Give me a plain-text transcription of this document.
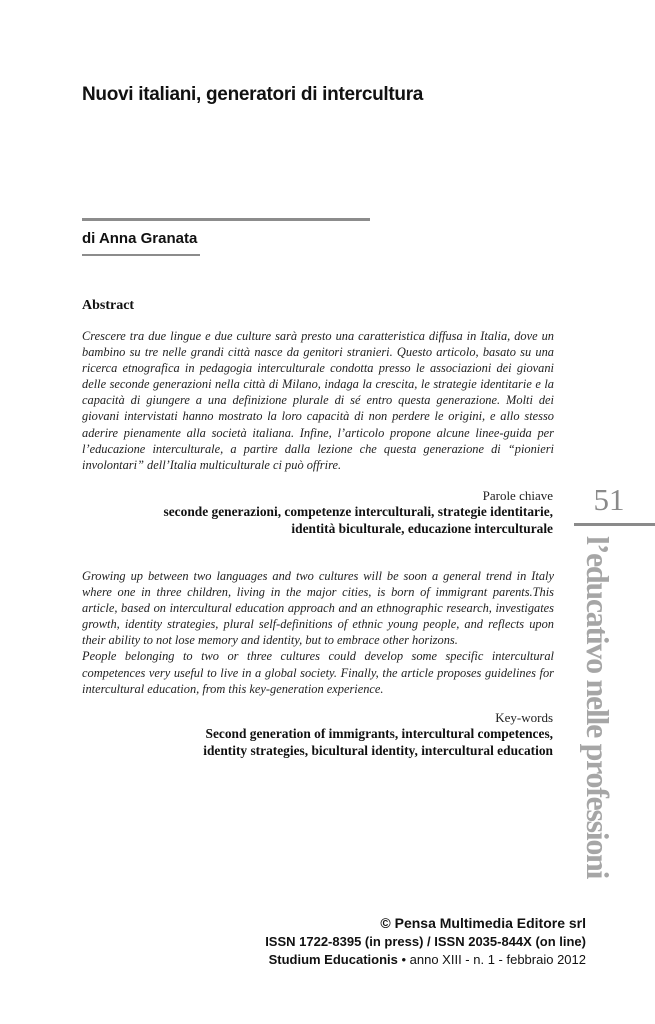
Nuovi italiani, generatori di intercultura
di Anna Granata
Abstract

Crescere tra due lingue e due culture sarà presto una caratteristica diffusa in Italia, dove un bambino su tre nelle grandi città nasce da genitori stranieri. Questo articolo, basato su una ricerca etnografica in pedagogia interculturale condotta presso le associazioni dei giovani delle seconde generazioni nella città di Milano, indaga la crescita, le strategie identitarie e la capacità di giungere a una definizione plurale di sé entro questa generazione. Molti dei giovani intervistati hanno mostrato la loro capacità di non perdere le origini, e allo stesso aderire pienamente alla società italiana. Infine, l’articolo propone alcune linee-guida per l’educazione interculturale, a partire dalla lezione che questa generazione di “pionieri involontari” dell’Italia multiculturale ci può offrire.

Parole chiave
seconde generazioni, competenze interculturali, strategie identitarie,
identità biculturale, educazione interculturale

Growing up between two languages and two cultures will be soon a general trend in Italy where one in three children, living in the major cities, is born of immigrant parents.This article, based on intercultural education approach and an ethnographic research, investigates growth, identity strategies, plural self-definitions of ethnic young people, and reflects upon their ability to not lose memory and identity, but to embrace other horizons.

People belonging to two or three cultures could develop some specific intercultural competences very useful to live in a global society. Finally, the article proposes guidelines for intercultural education, from this key-generation experience.

Key-words
Second generation of immigrants, intercultural competences,
identity strategies, bicultural identity, intercultural education
51
l’educativo nelle professioni
© Pensa Multimedia Editore srl
ISSN 1722-8395 (in press) / ISSN 2035-844X (on line)
Studium Educationis • anno XIII - n. 1 - febbraio 2012
